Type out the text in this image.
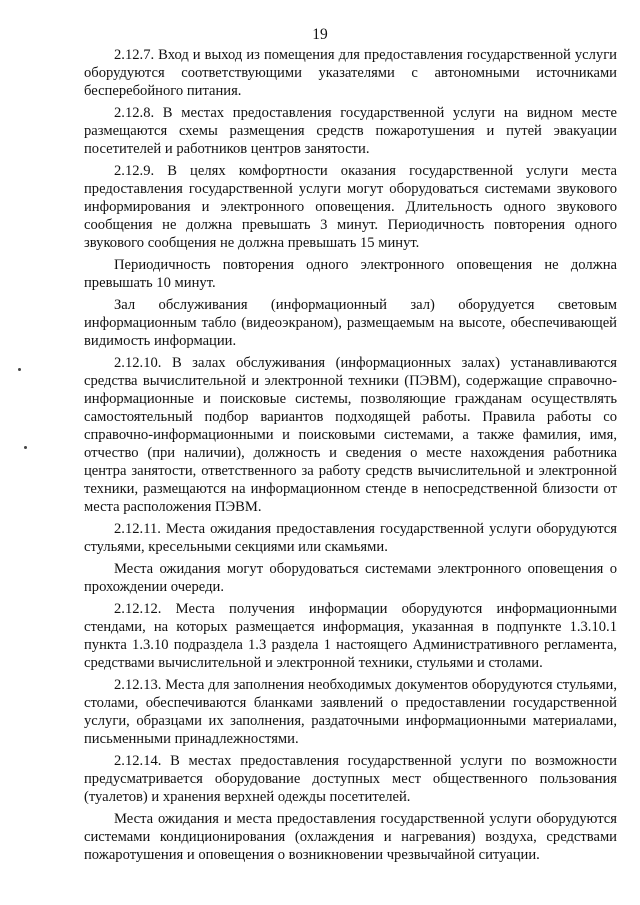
19

2.12.7. Вход и выход из помещения для предоставления государственной услуги оборудуются соответствующими указателями с автономными источниками бесперебойного питания.

2.12.8. В местах предоставления государственной услуги на видном месте размещаются схемы размещения средств пожаротушения и путей эвакуации посетителей и работников центров занятости.

2.12.9. В целях комфортности оказания государственной услуги места предоставления государственной услуги могут оборудоваться системами звукового информирования и электронного оповещения. Длительность одного звукового сообщения не должна превышать 3 минут. Периодичность повторения одного звукового сообщения не должна превышать 15 минут.

Периодичность повторения одного электронного оповещения не должна превышать 10 минут.

Зал обслуживания (информационный зал) оборудуется световым информационным табло (видеоэкраном), размещаемым на высоте, обеспечивающей видимость информации.

2.12.10. В залах обслуживания (информационных залах) устанавливаются средства вычислительной и электронной техники (ПЭВМ), содержащие справочно-информационные и поисковые системы, позволяющие гражданам осуществлять самостоятельный подбор вариантов подходящей работы. Правила работы со справочно-информационными и поисковыми системами, а также фамилия, имя, отчество (при наличии), должность и сведения о месте нахождения работника центра занятости, ответственного за работу средств вычислительной и электронной техники, размещаются на информационном стенде в непосредственной близости от места расположения ПЭВМ.

2.12.11. Места ожидания предоставления государственной услуги оборудуются стульями, кресельными секциями или скамьями.

Места ожидания могут оборудоваться системами электронного оповещения о прохождении очереди.

2.12.12. Места получения информации оборудуются информационными стендами, на которых размещается информация, указанная в подпункте 1.3.10.1 пункта 1.3.10 подраздела 1.3 раздела 1 настоящего Административного регламента, средствами вычислительной и электронной техники, стульями и столами.

2.12.13. Места для заполнения необходимых документов оборудуются стульями, столами, обеспечиваются бланками заявлений о предоставлении государственной услуги, образцами их заполнения, раздаточными информационными материалами, письменными принадлежностями.

2.12.14. В местах предоставления государственной услуги по возможности предусматривается оборудование доступных мест общественного пользования (туалетов) и хранения верхней одежды посетителей.

Места ожидания и места предоставления государственной услуги оборудуются системами кондиционирования (охлаждения и нагревания) воздуха, средствами пожаротушения и оповещения о возникновении чрезвычайной ситуации.
